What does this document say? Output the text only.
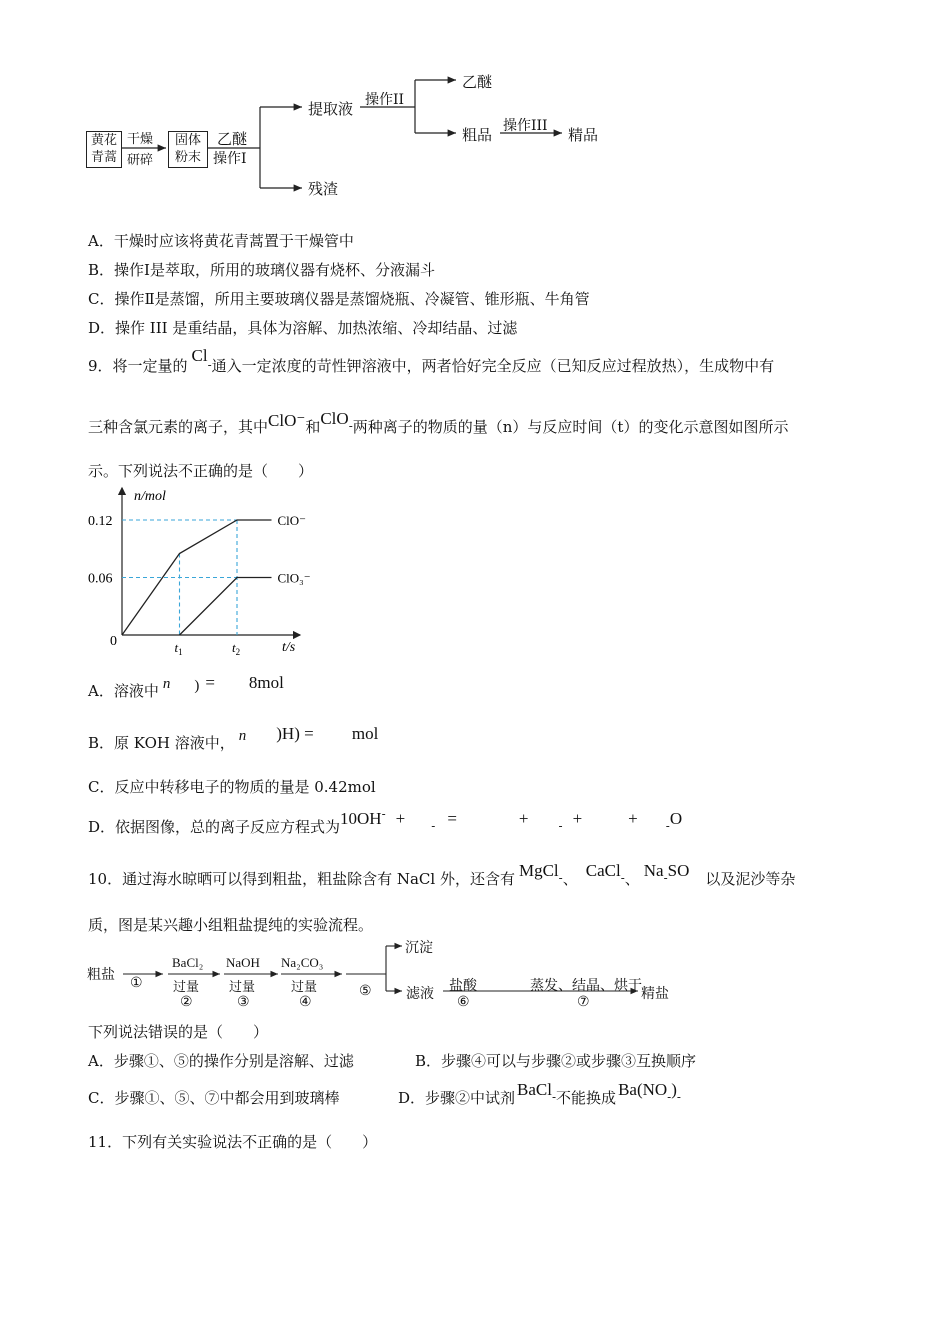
黄花
青蒿
干燥
研碎
固体
粉末
乙醚
操作I
提取液 操作II
乙醚
粗品 操作III 精品
残渣
A．干燥时应该将黄花青蒿置于干燥管中
B．操作Ⅰ是萃取，所用的玻璃仪器有烧杯、分液漏斗
C．操作Ⅱ是蒸馏，所用主要玻璃仪器是蒸馏烧瓶、冷凝管、锥形瓶、牛角管
D．操作 III 是重结晶，具体为溶解、加热浓缩、冷却结晶、过滤
9．将一定量的Cl-通入一定浓度的苛性钾溶液中，两者恰好完全反应（已知反应过程放热），生成物中有
三种含氯元素的离子，其中ClO⁻和ClO-两种离子的物质的量（n）与反应时间（t）的变化示意图如图所示
示。下列说法不正确的是（　　）
n/mol
t/s
0
0.12
0.06
ClO⁻
ClO₃⁻
$t_1$	$t_2$
A．溶液中 n ) =　　8mol
B．原 KOH 溶液中， n )H) =　　 mol
C．反应中转移电子的物质的量是 0.42mol
D．依据图像，总的离子反应方程式为10OH- + - =	+	- +	+ -O
10．通过海水晾晒可以得到粗盐，粗盐除含有 NaCl 外，还含有 MgCl-、 CaCl-、 Na-SO 以及泥沙等杂
质，图是某兴趣小组粗盐提纯的实验流程。
粗盐 ①
BaCl₂
过量
②
NaOH
过量
③
Na₂CO₃
过量
④
⑤
沉淀
滤液 盐酸
⑥
蒸发、结晶、烘干
⑦	精盐
下列说法错误的是（　　）
A．步骤①、⑤的操作分别是溶解、过滤	B．步骤④可以与步骤②或步骤③互换顺序
C．步骤①、⑤、⑦中都会用到玻璃棒	D．步骤②中试剂 BaCl-不能换成 Ba(NO-)-
11．下列有关实验说法不正确的是（　　）
